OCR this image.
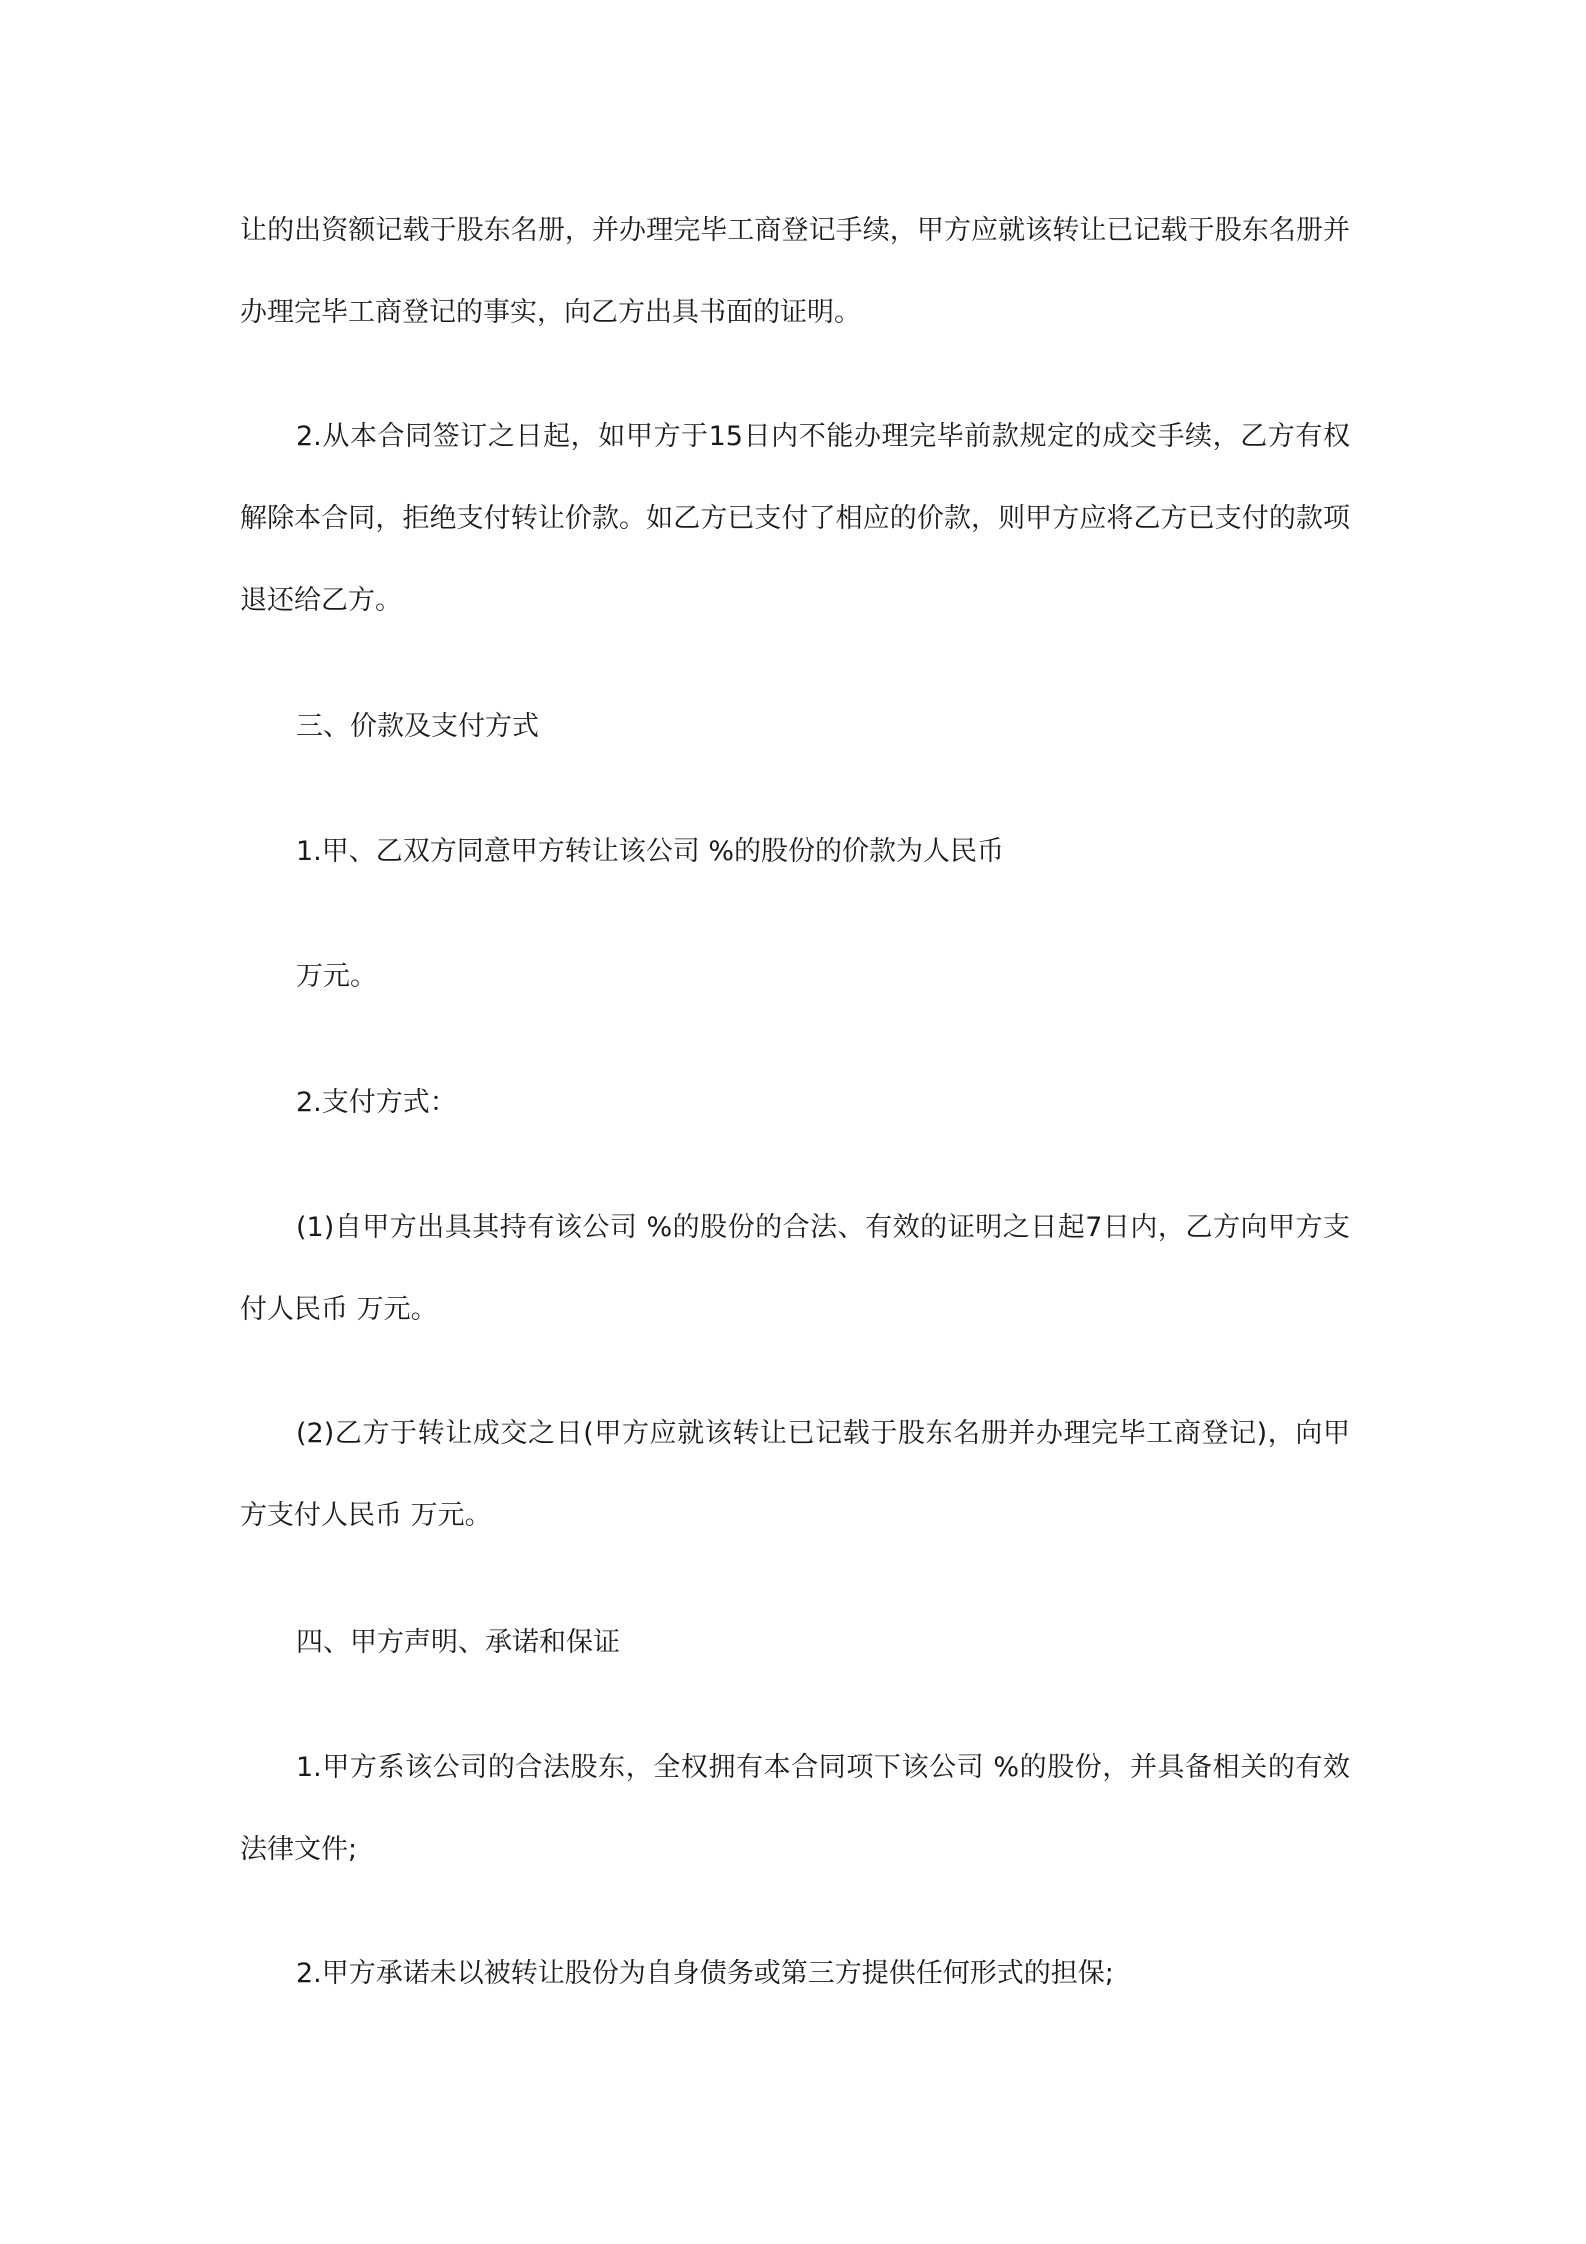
让的出资额记载于股东名册，并办理完毕工商登记手续，甲方应就该转让已记载于股东名册并办理完毕工商登记的事实，向乙方出具书面的证明。

2.从本合同签订之日起，如甲方于15日内不能办理完毕前款规定的成交手续，乙方有权解除本合同，拒绝支付转让价款。如乙方已支付了相应的价款，则甲方应将乙方已支付的款项退还给乙方。

三、价款及支付方式

1.甲、乙双方同意甲方转让该公司 %的股份的价款为人民币

万元。

2.支付方式：

(1)自甲方出具其持有该公司 %的股份的合法、有效的证明之日起7日内，乙方向甲方支付人民币 万元。

(2)乙方于转让成交之日(甲方应就该转让已记载于股东名册并办理完毕工商登记)，向甲方支付人民币 万元。

四、甲方声明、承诺和保证

1.甲方系该公司的合法股东，全权拥有本合同项下该公司 %的股份，并具备相关的有效法律文件;

2.甲方承诺未以被转让股份为自身债务或第三方提供任何形式的担保;
